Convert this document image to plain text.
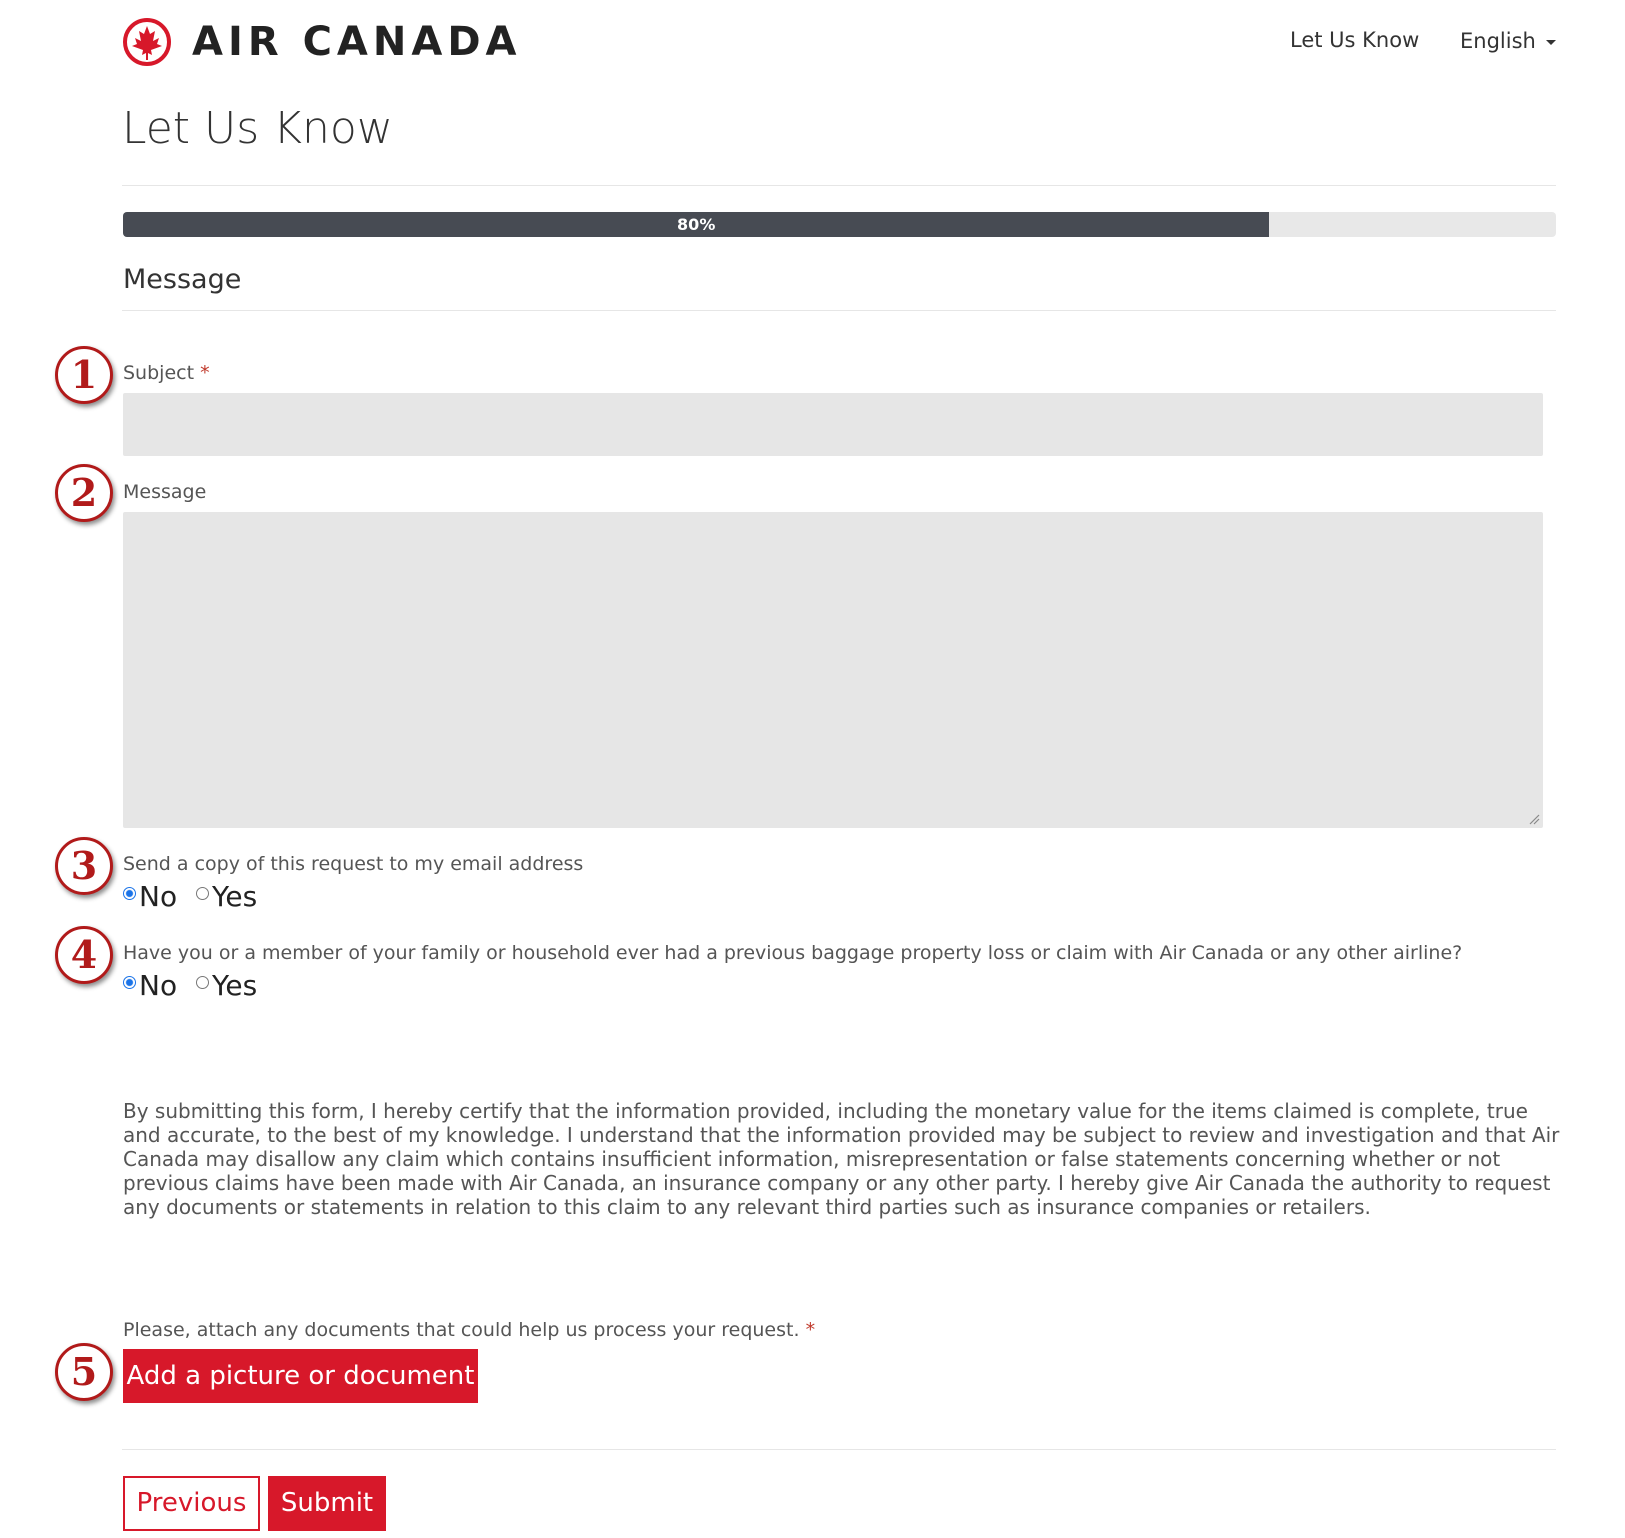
AIR CANADA	Let Us Know English
Let Us Know
80%
Message
1	Subject *
2	Message
3	Send a copy of this request to my email address
No Yes
4	Have you or a member of your family or household ever had a previous baggage property loss or claim with Air Canada or any other airline?
No Yes
By submitting this form, I hereby certify that the information provided, including the monetary value for the items claimed is complete, true and accurate, to the best of my knowledge. I understand that the information provided may be subject to review and investigation and that Air Canada may disallow any claim which contains insufficient information, misrepresentation or false statements concerning whether or not previous claims have been made with Air Canada, an insurance company or any other party. I hereby give Air Canada the authority to request any documents or statements in relation to this claim to any relevant third parties such as insurance companies or retailers.
Please, attach any documents that could help us process your request. *
5	Add a picture or document
Previous	Submit
